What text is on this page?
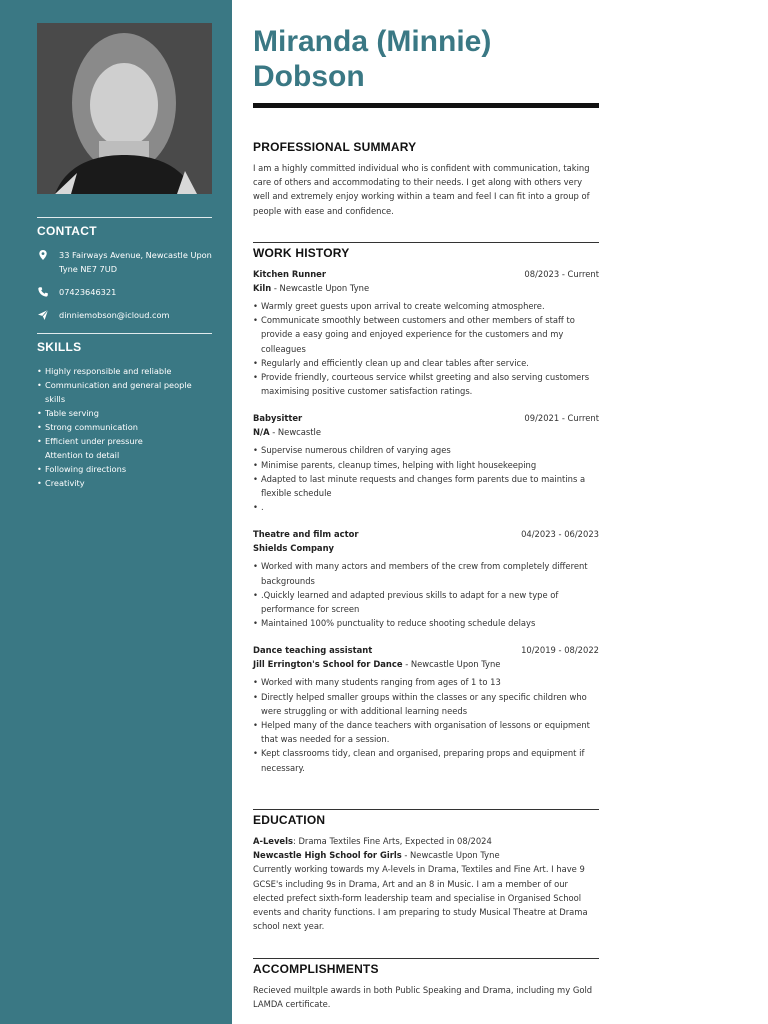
CONTACT
33 Fairways Avenue, Newcastle Upon Tyne NE7 7UD
07423646321
dinniemobson@icloud.com
SKILLS
• Highly responsible and reliable
• Communication and general people skills
• Table serving
• Strong communication
• Efficient under pressure
Attention to detail
• Following directions
• Creativity
Miranda (Minnie)
Dobson
PROFESSIONAL SUMMARY

I am a highly committed individual who is confident with communication, taking care of others and accommodating to their needs. I get along with others very well and extremely enjoy working within a team and feel I can fit into a group of people with ease and confidence.

WORK HISTORY
Kitchen Runner	08/2023 - Current
Kiln - Newcastle Upon Tyne
• Warmly greet guests upon arrival to create welcoming atmosphere.
• Communicate smoothly between customers and other members of staff to provide a easy going and enjoyed experience for the customers and my colleagues
• Regularly and efficiently clean up and clear tables after service.
• Provide friendly, courteous service whilst greeting and also serving customers maximising positive customer satisfaction ratings.
Babysitter	09/2021 - Current
N/A - Newcastle
• Supervise numerous children of varying ages
• Minimise parents, cleanup times, helping with light housekeeping
• Adapted to last minute requests and changes form parents due to maintins a flexible schedule
• .
Theatre and film actor	04/2023 - 06/2023
Shields Company
• Worked with many actors and members of the crew from completely different backgrounds
• .Quickly learned and adapted previous skills to adapt for a new type of performance for screen
• Maintained 100% punctuality to reduce shooting schedule delays
Dance teaching assistant	10/2019 - 08/2022
Jill Errington's School for Dance - Newcastle Upon Tyne
• Worked with many students ranging from ages of 1 to 13
• Directly helped smaller groups within the classes or any specific children who were struggling or with additional learning needs
• Helped many of the dance teachers with organisation of lessons or equipment that was needed for a session.
• Kept classrooms tidy, clean and organised, preparing props and equipment if necessary.
EDUCATION
A-Levels: Drama Textiles Fine Arts, Expected in 08/2024
Newcastle High School for Girls - Newcastle Upon Tyne

Currently working towards my A-levels in Drama, Textiles and Fine Art. I have 9 GCSE's including 9s in Drama, Art and an 8 in Music. I am a member of our elected prefect sixth-form leadership team and specialise in Organised School events and charity functions. I am preparing to study Musical Theatre at Drama school next year.

ACCOMPLISHMENTS

Recieved muiltple awards in both Public Speaking and Drama, including my Gold LAMDA certificate.
